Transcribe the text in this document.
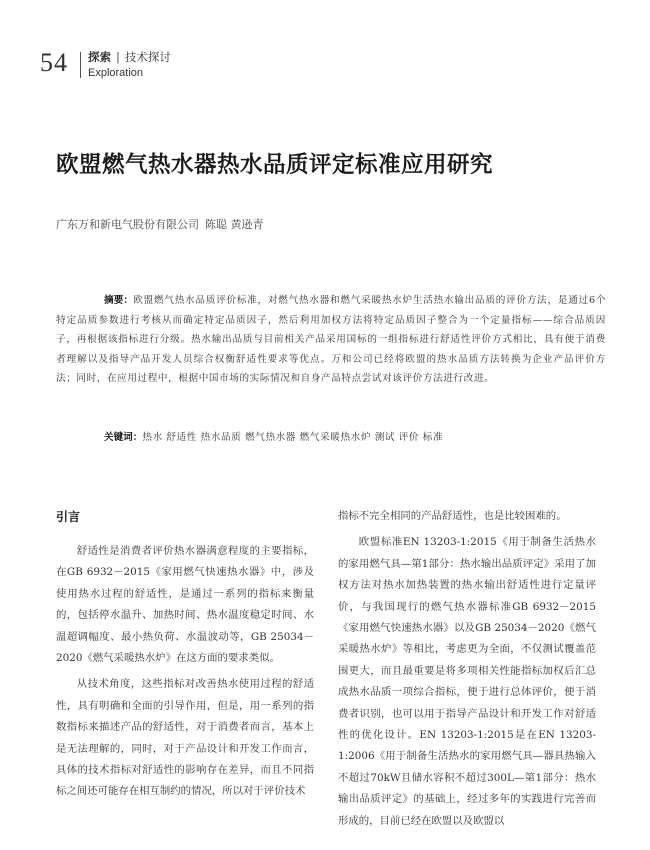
54 探索 | 技术探讨
Exploration
欧盟燃气热水器热水品质评定标准应用研究
广东万和新电气股份有限公司 陈聪 黄逊青
摘要：欧盟燃气热水品质评价标准，对燃气热水器和燃气采暖热水炉生活热水输出品质的评价方法，是通过6个特定品质参数进行考核从而确定特定品质因子，然后利用加权方法将特定品质因子整合为一个定量指标——综合品质因子，再根据该指标进行分级。热水输出品质与目前相关产品采用国标的一组指标进行舒适性评价方式相比，具有便于消费者理解以及指导产品开发人员综合权衡舒适性要求等优点。万和公司已经将欧盟的热水品质方法转换为企业产品评价方法；同时，在应用过程中，根据中国市场的实际情况和自身产品特点尝试对该评价方法进行改进。
关键词：热水 舒适性 热水品质 燃气热水器 燃气采暖热水炉 测试 评价 标准
引言

舒适性是消费者评价热水器满意程度的主要指标，在GB 6932－2015《家用燃气快速热水器》中，涉及使用热水过程的舒适性，是通过一系列的指标来衡量的，包括停水温升、加热时间、热水温度稳定时间、水温超调幅度、最小热负荷、水温波动等，GB 25034－2020《燃气采暖热水炉》在这方面的要求类似。

从技术角度，这些指标对改善热水使用过程的舒适性，具有明确和全面的引导作用，但是，用一系列的指数指标来描述产品的舒适性，对于消费者而言，基本上是无法理解的，同时，对于产品设计和开发工作而言，具体的技术指标对舒适性的影响存在差异，而且不同指标之间还可能存在相互制约的情况，所以对于评价技术

指标不完全相同的产品舒适性，也是比较困难的。

欧盟标准EN 13203-1:2015《用于制备生活热水的家用燃气具—第1部分：热水输出品质评定》采用了加权方法对热水加热装置的热水输出舒适性进行定量评价，与我国现行的燃气热水器标准GB 6932－2015《家用燃气快速热水器》以及GB 25034－2020《燃气采暖热水炉》等相比，考虑更为全面，不仅测试覆盖范围更大，而且最重要是将多项相关性能指标加权后汇总成热水品质一项综合指标，便于进行总体评价，便于消费者识别，也可以用于指导产品设计和开发工作对舒适性的优化设计。EN 13203-1:2015是在EN 13203-1:2006《用于制备生活热水的家用燃气具—器具热输入不超过70kW且储水容积不超过300L—第1部分：热水输出品质评定》的基础上，经过多年的实践进行完善而形成的，目前已经在欧盟以及欧盟以
